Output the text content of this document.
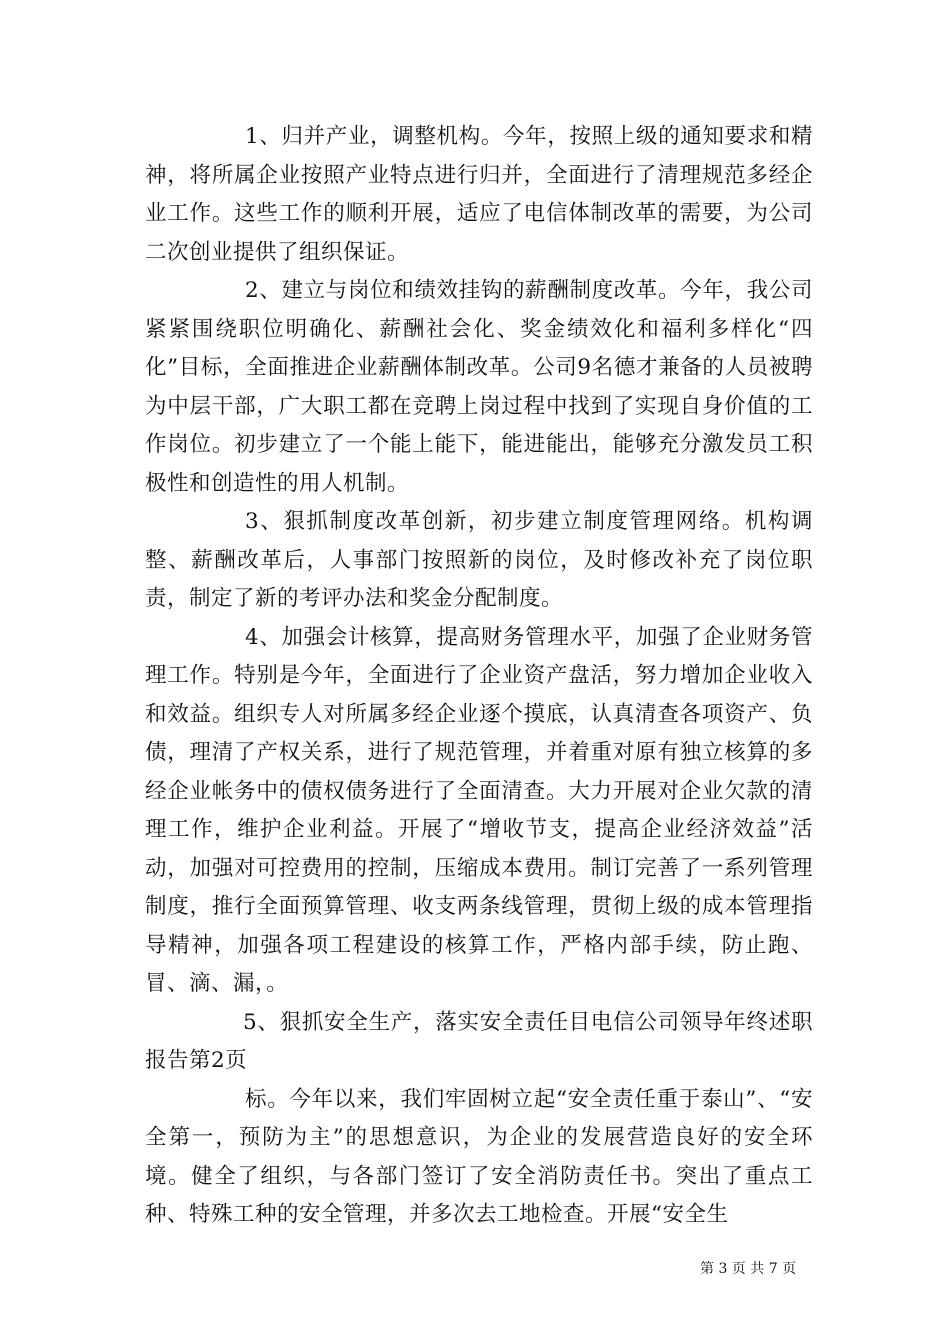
1、归并产业，调整机构。今年，按照上级的通知要求和精神，将所属企业按照产业特点进行归并，全面进行了清理规范多经企业工作。这些工作的顺利开展，适应了电信体制改革的需要，为公司二次创业提供了组织保证。

2、建立与岗位和绩效挂钩的薪酬制度改革。今年，我公司紧紧围绕职位明确化、薪酬社会化、奖金绩效化和福利多样化“四化”目标，全面推进企业薪酬体制改革。公司9名德才兼备的人员被聘为中层干部，广大职工都在竞聘上岗过程中找到了实现自身价值的工作岗位。初步建立了一个能上能下，能进能出，能够充分激发员工积极性和创造性的用人机制。

3、狠抓制度改革创新，初步建立制度管理网络。机构调整、薪酬改革后，人事部门按照新的岗位，及时修改补充了岗位职责，制定了新的考评办法和奖金分配制度。

4、加强会计核算，提高财务管理水平，加强了企业财务管理工作。特别是今年，全面进行了企业资产盘活，努力增加企业收入和效益。组织专人对所属多经企业逐个摸底，认真清查各项资产、负债，理清了产权关系，进行了规范管理，并着重对原有独立核算的多经企业帐务中的债权债务进行了全面清查。大力开展对企业欠款的清理工作，维护企业利益。开展了“增收节支，提高企业经济效益”活动，加强对可控费用的控制，压缩成本费用。制订完善了一系列管理制度，推行全面预算管理、收支两条线管理，贯彻上级的成本管理指导精神，加强各项工程建设的核算工作，严格内部手续，防止跑、冒、滴、漏，。

5、狠抓安全生产，落实安全责任目电信公司领导年终述职报告第2页

标。今年以来，我们牢固树立起“安全责任重于泰山”、“安全第一，预防为主”的思想意识，为企业的发展营造良好的安全环境。健全了组织，与各部门签订了安全消防责任书。突出了重点工种、特殊工种的安全管理，并多次去工地检查。开展“安全生

第 3 页 共 7 页
